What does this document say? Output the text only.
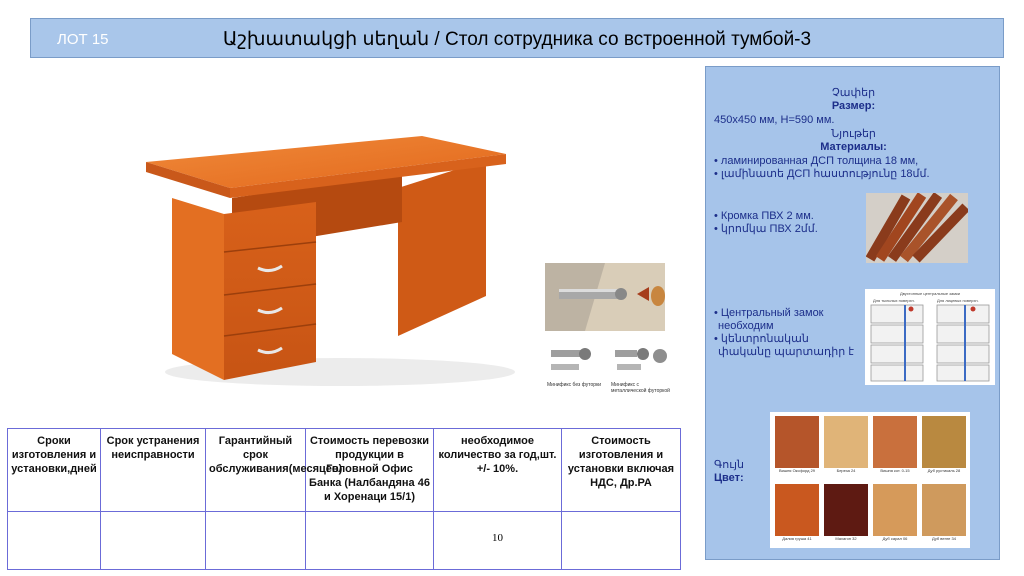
ЛОТ 15	Աշխատակցի սեղան / Стол сотрудника со встроенной тумбой-3
Минификс без футорки	Минификс с металлической футоркой
Չափեր
Размер:
450x450 мм, H=590 мм.
Նյութեր
Материалы:
• ламинированная ДСП толщина 18 мм,
• լամինատե ДСП հաստությունը 18մմ.
• Кромка ПВХ 2 мм.
• կրոմկա ПВХ 2մմ.
• Центральный замок
необходим
• կենտրոնական
փականը պարտադիր է
Двухтонные центральные замки
Для тыльных поверхн.	Для лицевых поверхн.
Գույն
Цвет:
Вишня Оксфорд 29	Береза 24	Вишня кот. 0-15	Дуб рустикаль 28
Далия груша 41	Махагон 32	Дуб сарал 06	Дуб венге 34
Сроки изготовления и установки,дней	Срок устранения неисправности	Гарантийный срок обслуживания(месяцев)	Стоимость перевозки продукции в Головной Офис Банка (Налбандяна 46 и Хоренаци 15/1)	необходимое количество за год,шт. +/- 10%.	Стоимость изготовления и установки включая НДС, Др.РА
				10	
